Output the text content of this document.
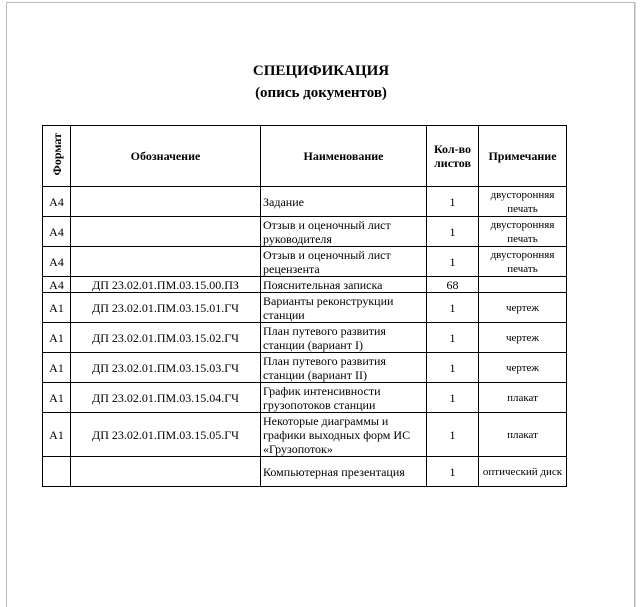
СПЕЦИФИКАЦИЯ
(опись документов)
Формат	Обозначение	Наименование	Кол-во листов	Примечание
А4		Задание	1	двусторонняя печать
А4		Отзыв и оценочный лист руководителя	1	двусторонняя печать
А4		Отзыв и оценочный лист рецензента	1	двусторонняя печать
А4	ДП 23.02.01.ПМ.03.15.00.ПЗ	Пояснительная записка	68	
А1	ДП 23.02.01.ПМ.03.15.01.ГЧ	Варианты реконструкции станции	1	чертеж
А1	ДП 23.02.01.ПМ.03.15.02.ГЧ	План путевого развития станции (вариант I)	1	чертеж
А1	ДП 23.02.01.ПМ.03.15.03.ГЧ	План путевого развития станции (вариант II)	1	чертеж
А1	ДП 23.02.01.ПМ.03.15.04.ГЧ	График интенсивности грузопотоков станции	1	плакат
А1	ДП 23.02.01.ПМ.03.15.05.ГЧ	Некоторые диаграммы и графики выходных форм ИС «Грузопоток»	1	плакат
		Компьютерная презентация	1	оптический диск
